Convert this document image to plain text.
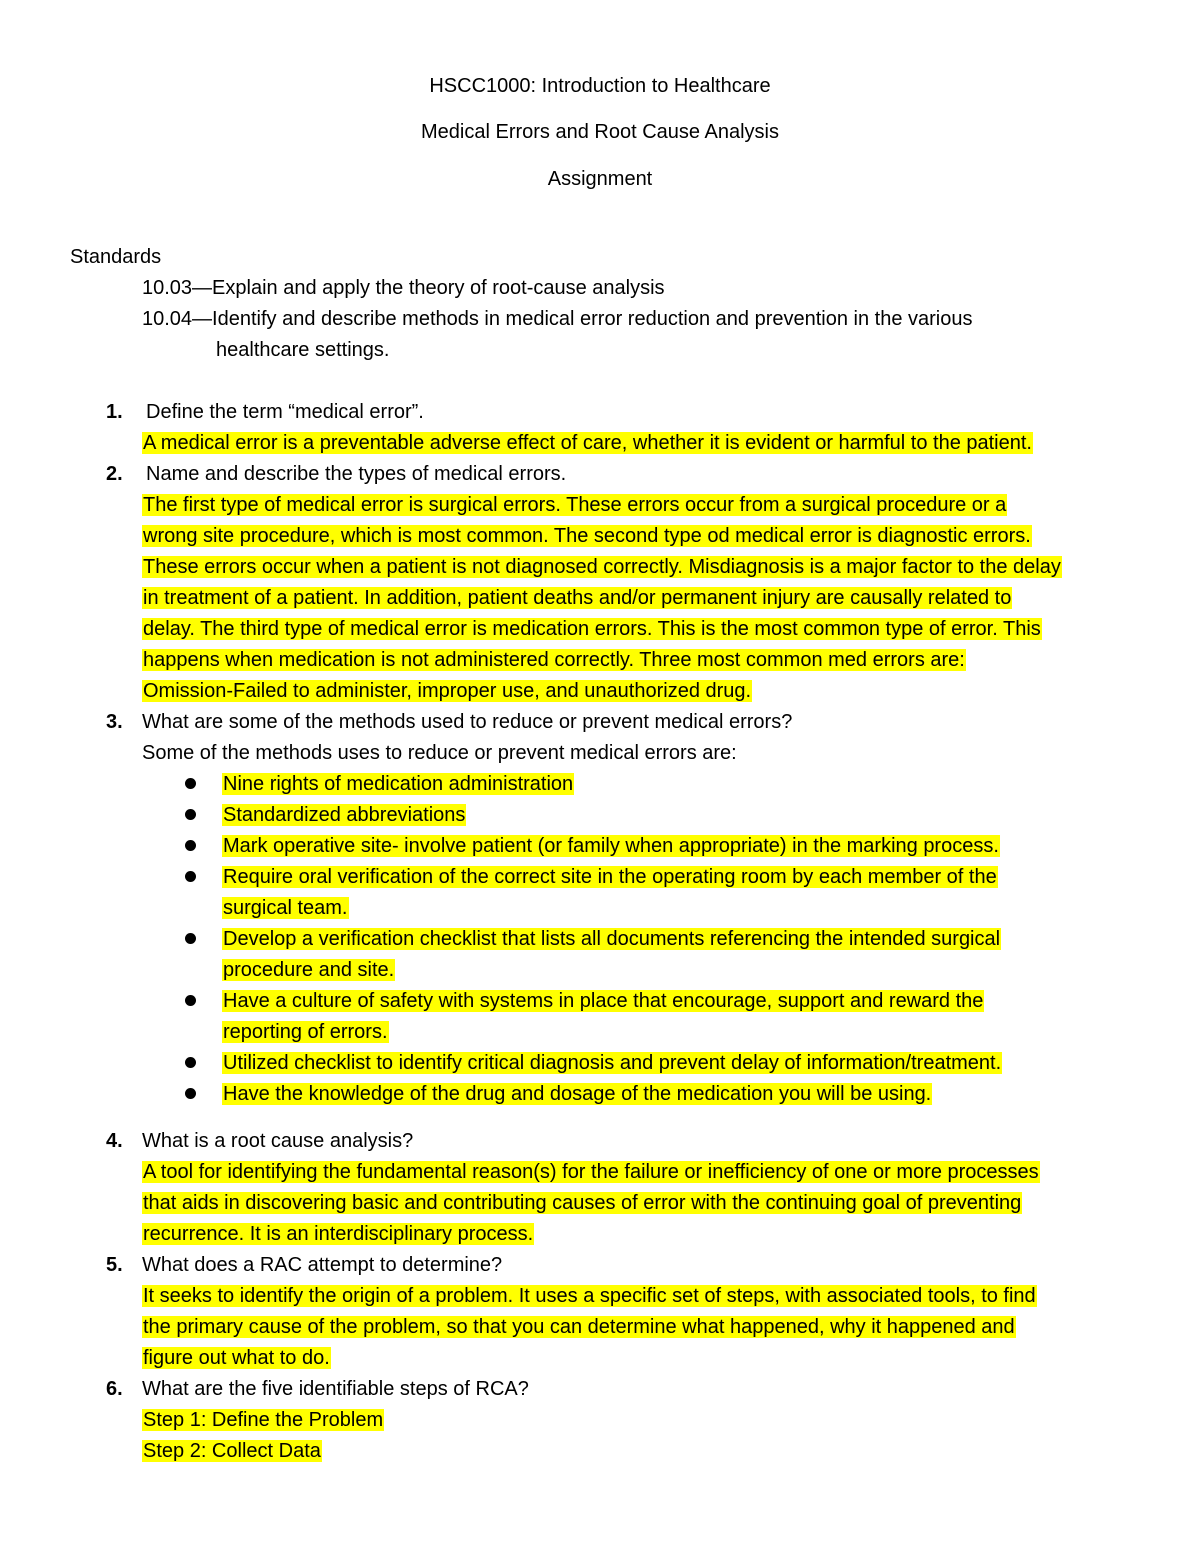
HSCC1000: Introduction to Healthcare
Medical Errors and Root Cause Analysis
Assignment
Standards
10.03—Explain and apply the theory of root-cause analysis
10.04—Identify and describe methods in medical error reduction and prevention in the various
healthcare settings.
1. Define the term “medical error”.
A medical error is a preventable adverse effect of care, whether it is evident or harmful to the patient.
2. Name and describe the types of medical errors.
The first type of medical error is surgical errors. These errors occur from a surgical procedure or a
wrong site procedure, which is most common. The second type od medical error is diagnostic errors.
These errors occur when a patient is not diagnosed correctly. Misdiagnosis is a major factor to the delay
in treatment of a patient. In addition, patient deaths and/or permanent injury are causally related to
delay. The third type of medical error is medication errors. This is the most common type of error. This
happens when medication is not administered correctly. Three most common med errors are:
Omission-Failed to administer, improper use, and unauthorized drug.
3. What are some of the methods used to reduce or prevent medical errors?
Some of the methods uses to reduce or prevent medical errors are:
Nine rights of medication administration
Standardized abbreviations
Mark operative site- involve patient (or family when appropriate) in the marking process.
Require oral verification of the correct site in the operating room by each member of the
surgical team.
Develop a verification checklist that lists all documents referencing the intended surgical
procedure and site.
Have a culture of safety with systems in place that encourage, support and reward the
reporting of errors.
Utilized checklist to identify critical diagnosis and prevent delay of information/treatment.
Have the knowledge of the drug and dosage of the medication you will be using.
4. What is a root cause analysis?
A tool for identifying the fundamental reason(s) for the failure or inefficiency of one or more processes
that aids in discovering basic and contributing causes of error with the continuing goal of preventing
recurrence. It is an interdisciplinary process.
5. What does a RAC attempt to determine?
It seeks to identify the origin of a problem. It uses a specific set of steps, with associated tools, to find
the primary cause of the problem, so that you can determine what happened, why it happened and
figure out what to do.
6. What are the five identifiable steps of RCA?
Step 1: Define the Problem
Step 2: Collect Data
